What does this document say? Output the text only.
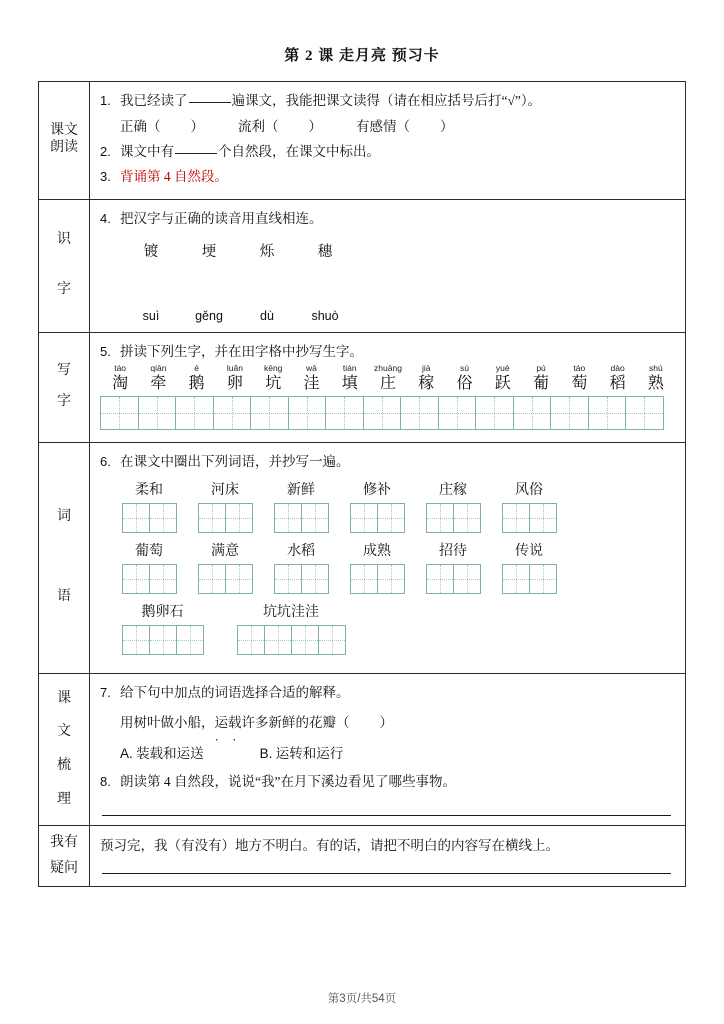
第 2 课 走月亮 预习卡
课文
朗读

1. 我已经读了	遍课文，我能把课文读得（请在相应括号后打“√”）。
正确（ ）	流利（ ）	有感情（ ）
2. 课文中有	个自然段，在课文中标出。
3. 背诵第 4 自然段。

识
字

4. 把汉字与正确的读音用直线相连。
镀	埂	烁	穗
suì	gěng	dù	shuò

写
字

5. 拼读下列生字，并在田字格中抄写生字。
táo
淘
qiān
牵
é
鹅
luǎn
卵
kēng
坑
wā
洼
tián
填
zhuāng
庄
jià
稼
sú
俗
yuè
跃
pú
葡
táo
萄
dào
稻
shú
熟

词
语

6. 在课文中圈出下列词语，并抄写一遍。
柔和	河床	新鲜	修补	庄稼	风俗
葡萄	满意	水稻	成熟	招待	传说
鹅卵石	坑坑洼洼

课
文
梳
理

7. 给下句中加点的词语选择合适的解释。
用树叶做小船，运载 · ·许多新鲜的花瓣（ ）
A. 装载和运送	B. 运转和运行
8. 朗读第 4 自然段，说说“我”在月下溪边看见了哪些事物。

我有
疑问	预习完，我（有没有）地方不明白。有的话，请把不明白的内容写在横线上。
第3页/共54页
